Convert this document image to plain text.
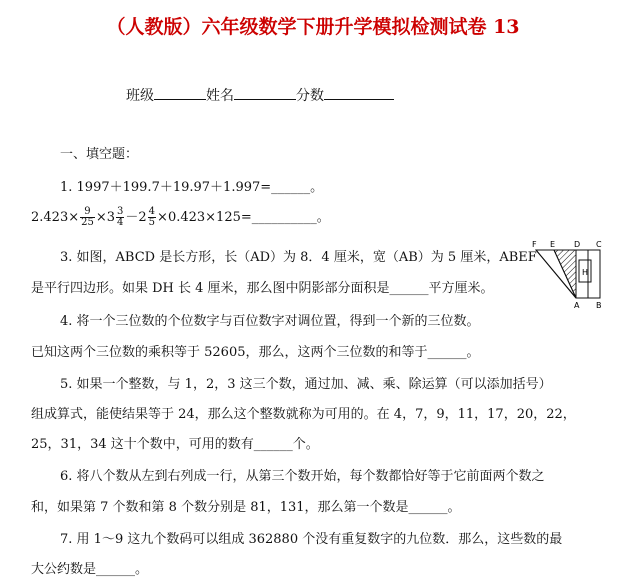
（人教版）六年级数学下册升学模拟检测试卷 13
班级	姓名	分数
一、填空题：
1. 1997＋199.7＋19.97＋1.997=______。
$2.423\times \frac{9}{25} \times 3 \frac{3}{4} -2 \frac{4}{5}$ ×0.423×125=__________。
3. 如图，ABCD 是长方形，长（AD）为 8．4 厘米，宽（AB）为 5 厘米，ABEF
是平行四边形。如果 DH 长 4 厘米，那么图中阴影部分面积是______平方厘米。
F E D C
H
A B
4. 将一个三位数的个位数字与百位数字对调位置，得到一个新的三位数。
已知这两个三位数的乘积等于 52605，那么，这两个三位数的和等于______。
5. 如果一个整数，与 1，2，3 这三个数，通过加、减、乘、除运算（可以添加括号）
组成算式，能使结果等于 24，那么这个整数就称为可用的。在 4，7，9，11，17，20，22，
25，31，34 这十个数中，可用的数有______个。
6. 将八个数从左到右列成一行，从第三个数开始，每个数都恰好等于它前面两个数之
和，如果第 7 个数和第 8 个数分别是 81，131，那么第一个数是______。
7. 用 1～9 这九个数码可以组成 362880 个没有重复数字的九位数．那么，这些数的最
大公约数是______。
